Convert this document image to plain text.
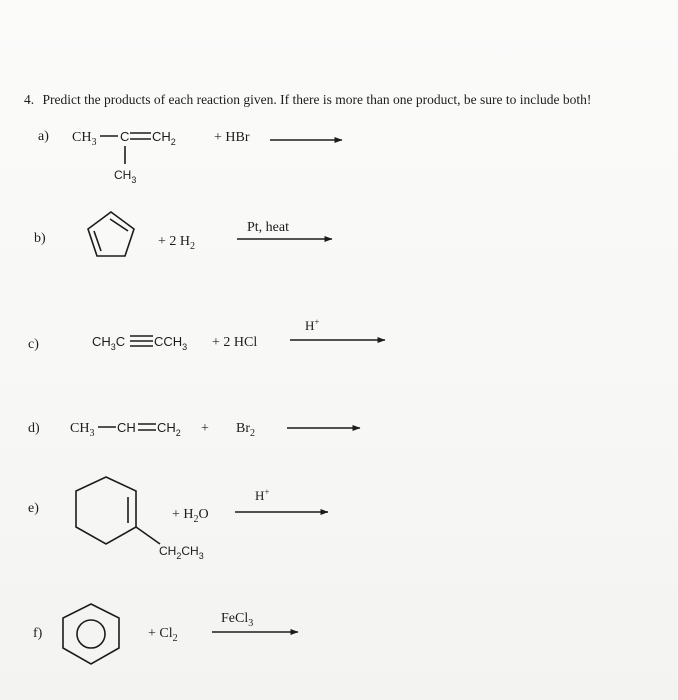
4. Predict the products of each reaction given. If there is more than one product, be sure to include both!
a) $CH_3$ C $CH_2$
$CH_3$
+ HBr
b)	+ 2 $H_2$
Pt, heat
c)	$CH_3C$ $CCH_3 + 2$ HCl
H+
d) $CH_3$ CH $CH_2 + Br_2$
e)
$CH_2CH_3$
+ $H_2O$
H+
f)	+ $Cl_2$
FeCl$_3$
